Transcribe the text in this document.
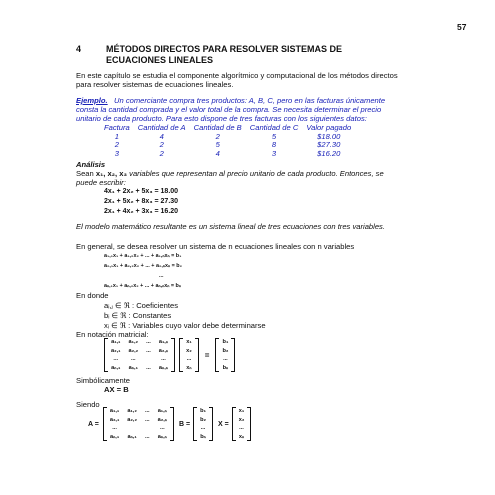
57
4	MÉTODOS DIRECTOS PARA RESOLVER SISTEMAS DE
ECUACIONES LINEALES
En este capítulo se estudia el componente algorítmico y computacional de los métodos directos
para resolver sistemas de ecuaciones lineales.
Ejemplo. Un comerciante compra tres productos: A, B, C, pero en las facturas únicamente
consta la cantidad comprada y el valor total de la compra. Se necesita determinar el precio
unitario de cada producto. Para esto dispone de tres facturas con los siguientes datos:
Factura	Cantidad de A	Cantidad de B	Cantidad de C	Valor pagado
1	4	2	5	$18.00
2	2	5	8	$27.30
3	2	4	3	$16.20
Análisis
Sean x₁, x₂, x₃ variables que representan al precio unitario de cada producto. Entonces, se
puede escribir:
4x₁ + 2x₂ + 5x₃ = 18.00
2x₁ + 5x₂ + 8x₃ = 27.30
2x₁ + 4x₂ + 3x₃ = 16.20
El modelo matemático resultante es un sistema lineal de tres ecuaciones con tres variables.
En general, se desea resolver un sistema de n ecuaciones lineales con n variables
a₁,₁x₁ + a₁,₂x₂ + ... + a₁,ₙxₙ = b₁
a₂,₁x₁ + a₂,₂x₂ + ... + a₂,ₙxₙ = b₂
...
aₙ,₁x₁ + aₙ,₂x₂ + ... + aₙ,ₙxₙ = bₙ
En donde
aᵢ,ⱼ ∈ ℜ : Coeficientes
bᵢ ∈ ℜ : Constantes
xᵢ ∈ ℜ : Variables cuyo valor debe determinarse
En notación matricial:
a₁,₁	a₁,₂	...	a₁,ₙ
a₂,₁	a₂,₂	...	a₂,ₙ
...	...		...
aₙ,₁	aₙ,₁	...	aₙ,ₙ
x₁
x₂
...
xₙ
=
b₁
b₂
...
bₙ
Simbólicamente
AX = B
Siendo
A =
a₁,₁	a₁,₂	...	a₁,ₙ
a₂,₁	a₂,₂	...	a₂,ₙ
...			...
aₙ,₁	aₙ,₁	...	aₙ,ₙ
B =
b₁
b₂
...
bₙ
X =
x₁
x₂
...
xₙ
